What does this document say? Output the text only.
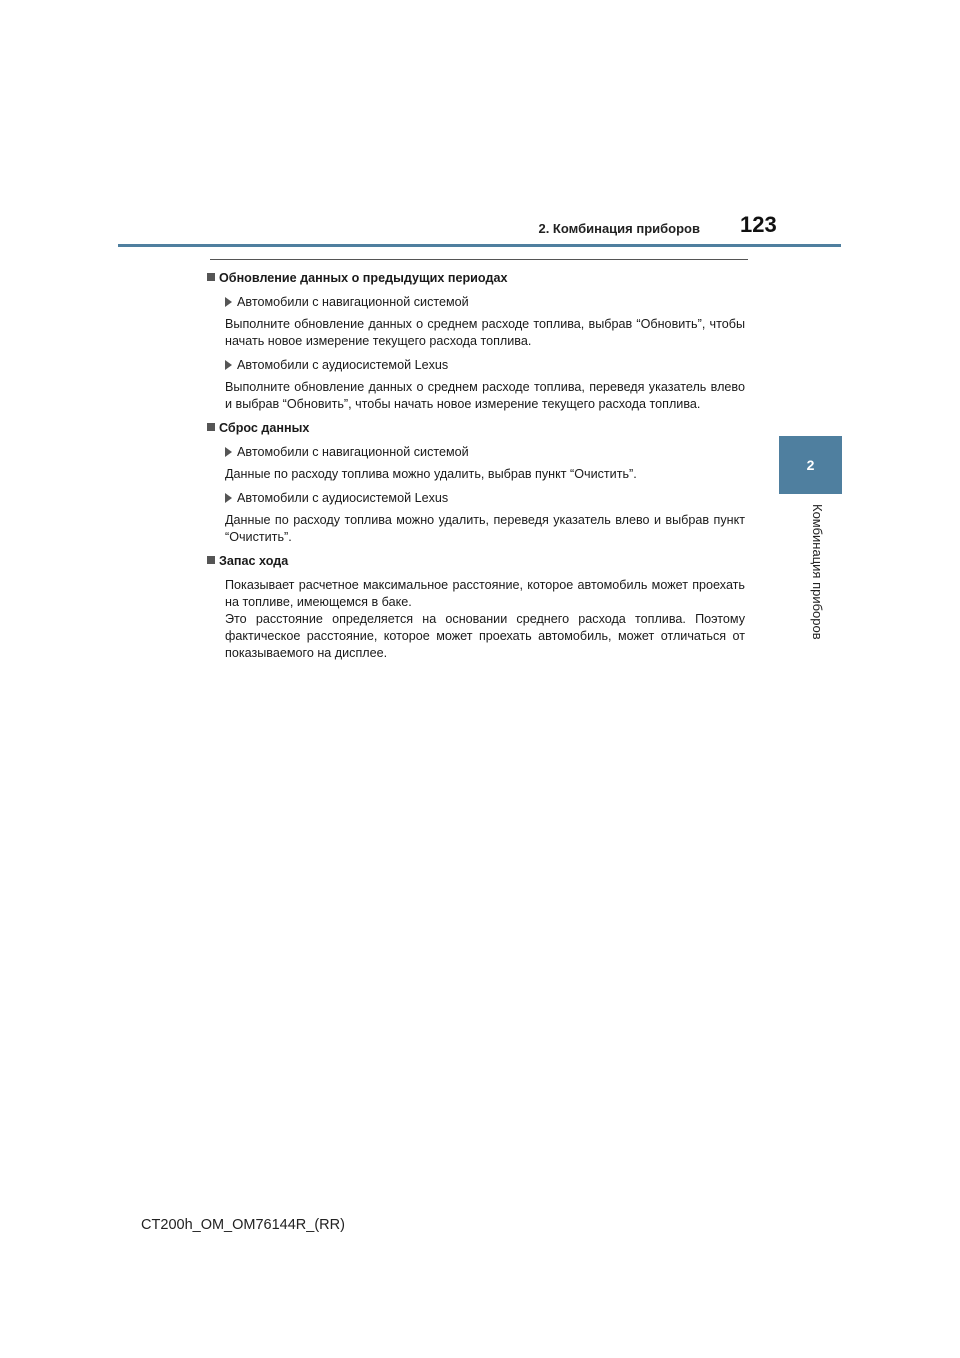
2. Комбинация приборов 123
2
Комбинация приборов
Обновление данных о предыдущих периодах
Автомобили с навигационной системой
Выполните обновление данных о среднем расходе топлива, выбрав “Обновить”, чтобы начать новое измерение текущего расхода топлива.
Автомобили с аудиосистемой Lexus
Выполните обновление данных о среднем расходе топлива, переведя указатель влево и выбрав “Обновить”, чтобы начать новое измерение текущего расхода топлива.
Сброс данных
Автомобили с навигационной системой
Данные по расходу топлива можно удалить, выбрав пункт “Очистить”.
Автомобили с аудиосистемой Lexus
Данные по расходу топлива можно удалить, переведя указатель влево и выбрав пункт “Очистить”.
Запас хода
Показывает расчетное максимальное расстояние, которое автомобиль может проехать на топливе, имеющемся в баке.
Это расстояние определяется на основании среднего расхода топлива. Поэтому фактическое расстояние, которое может проехать автомобиль, может отличаться от показываемого на дисплее.
CT200h_OM_OM76144R_(RR)
